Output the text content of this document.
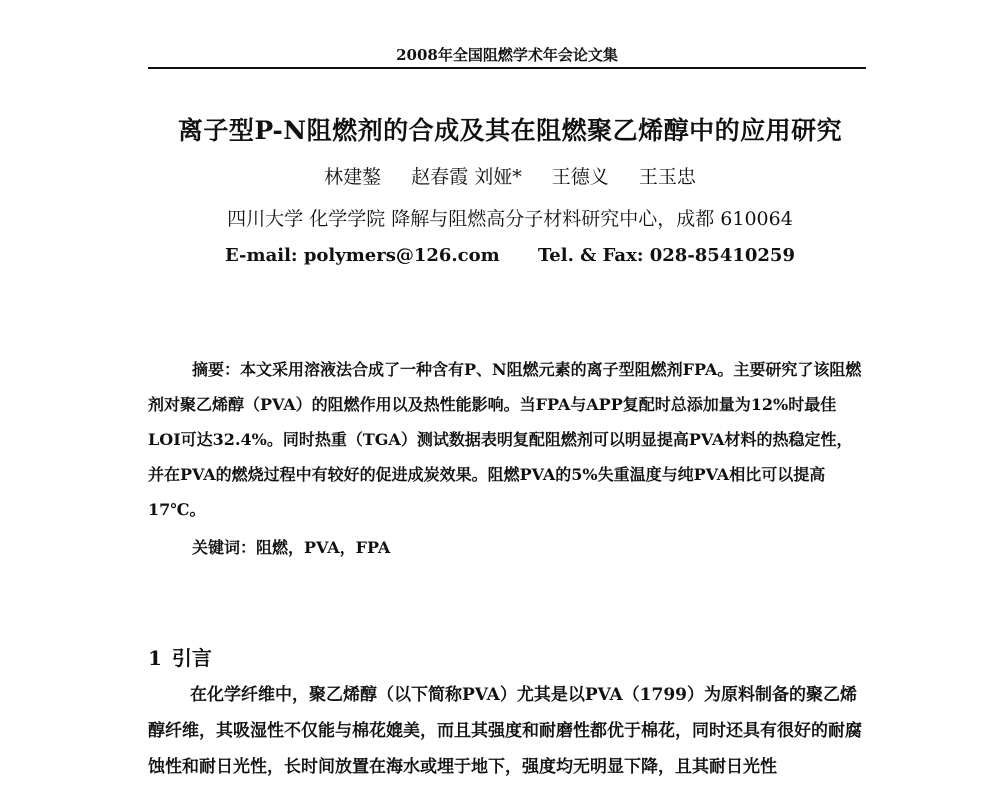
2008年全国阻燃学术年会论文集
离子型P-N阻燃剂的合成及其在阻燃聚乙烯醇中的应用研究
林建鏊 赵春霞 刘娅* 王德义 王玉忠
四川大学 化学学院 降解与阻燃高分子材料研究中心，成都 610064
E-mail: polymers@126.com Tel. & Fax: 028-85410259
摘要：本文采用溶液法合成了一种含有P、N阻燃元素的离子型阻燃剂FPA。主要研究了该阻燃剂对聚乙烯醇（PVA）的阻燃作用以及热性能影响。当FPA与APP复配时总添加量为12%时最佳LOI可达32.4%。同时热重（TGA）测试数据表明复配阻燃剂可以明显提高PVA材料的热稳定性，并在PVA的燃烧过程中有较好的促进成炭效果。阻燃PVA的5%失重温度与纯PVA相比可以提高17℃。
关键词：阻燃，PVA，FPA
1 引言
在化学纤维中，聚乙烯醇（以下简称PVA）尤其是以PVA（1799）为原料制备的聚乙烯醇纤维，其吸湿性不仅能与棉花媲美，而且其强度和耐磨性都优于棉花，同时还具有很好的耐腐蚀性和耐日光性，长时间放置在海水或埋于地下，强度均无明显下降，且其耐日光性
